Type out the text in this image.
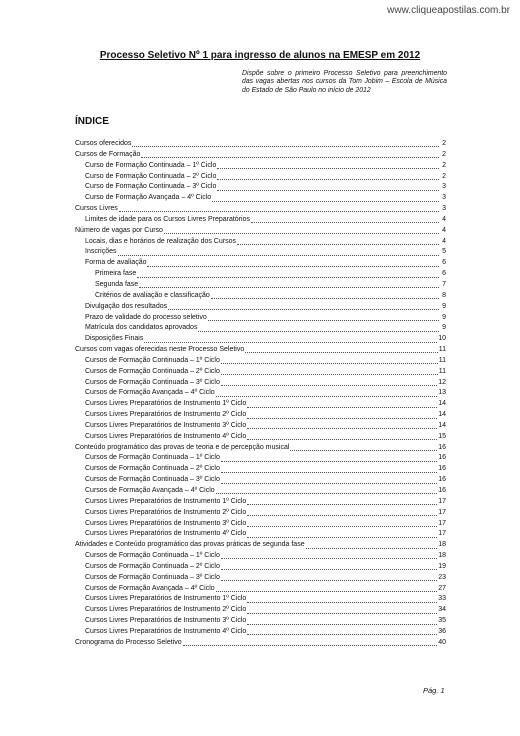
www.cliqueapostilas.com.br
Processo Seletivo Nº 1 para ingresso de alunos na EMESP em 2012
Dispõe sobre o primeiro Processo Seletivo para preenchimento das vagas abertas nos cursos da Tom Jobim – Escola de Música do Estado de São Paulo no início de 2012
ÍNDICE
Cursos oferecidos	2
Cursos de Formação	2
Curso de Formação Continuada – 1º Ciclo	2
Curso de Formação Continuada – 2º Ciclo	2
Curso de Formação Continuada – 3º Ciclo	3
Curso de Formação Avançada – 4º Ciclo	3
Cursos Livres	3
Limites de idade para os Cursos Livres Preparatórios	4
Número de vagas por Curso	4
Locais, dias e horários de realização dos Cursos	4
Inscrições	5
Forma de avaliação	6
Primeira fase	6
Segunda fase	7
Critérios de avaliação e classificação	8
Divulgação dos resultados	9
Prazo de validade do processo seletivo	9
Matrícula dos candidatos aprovados	9
Disposições Finais	10
Cursos com vagas oferecidas neste Processo Seletivo	11
Cursos de Formação Continuada – 1º Ciclo	11
Cursos de Formação Continuada – 2º Ciclo	11
Cursos de Formação Continuada – 3º Ciclo	12
Cursos de Formação Avançada – 4º Ciclo	13
Cursos Livres Preparatórios de Instrumento 1º Ciclo	14
Cursos Livres Preparatórios de Instrumento 2º Ciclo	14
Cursos Livres Preparatórios de Instrumento 3º Ciclo	14
Cursos Livres Preparatórios de Instrumento 4º Ciclo	15
Conteúdo programático das provas de teoria e de percepção musical	16
Cursos de Formação Continuada – 1º Ciclo	16
Cursos de Formação Continuada – 2º Ciclo	16
Cursos de Formação Continuada – 3º Ciclo	16
Cursos de Formação Avançada – 4º Ciclo	16
Cursos Livres Preparatórios de Instrumento 1º Ciclo	17
Cursos Livres Preparatórios de Instrumento 2º Ciclo	17
Cursos Livres Preparatórios de Instrumento 3º Ciclo	17
Cursos Livres Preparatórios de Instrumento 4º Ciclo	17
Atividades e Conteúdo programático das provas práticas de segunda fase	18
Cursos de Formação Continuada – 1º Ciclo	18
Cursos de Formação Continuada – 2º Ciclo	19
Cursos de Formação Continuada – 3º Ciclo	23
Cursos de Formação Avançada – 4º Ciclo	27
Cursos Livres Preparatórios de Instrumento 1º Ciclo	33
Cursos Livres Preparatórios de Instrumento 2º Ciclo	34
Cursos Livres Preparatórios de Instrumento 3º Ciclo	35
Cursos Livres Preparatórios de Instrumento 4º Ciclo	36
Cronograma do Processo Seletivo	40
Pág. 1
